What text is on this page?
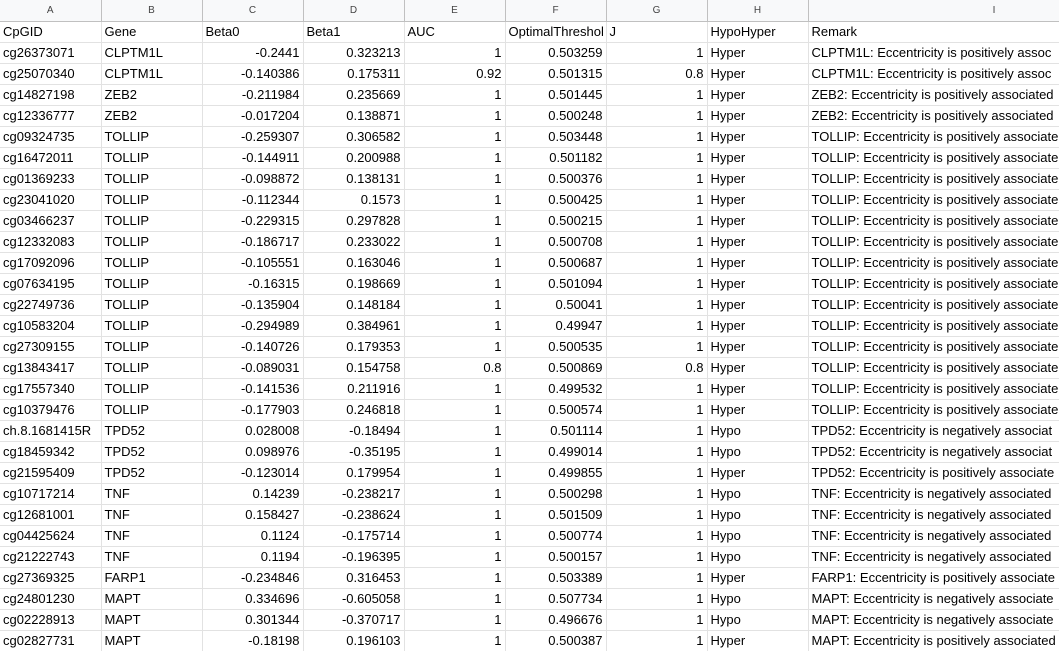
A	B	C	D	E	F	G	H	I
CpGID	Gene	Beta0	Beta1	AUC	OptimalThreshol	J	HypoHyper	Remark
cg26373071	CLPTM1L	-0.2441	0.323213	1	0.503259	1	Hyper	CLPTM1L: Eccentricity is positively assoc
cg25070340	CLPTM1L	-0.140386	0.175311	0.92	0.501315	0.8	Hyper	CLPTM1L: Eccentricity is positively assoc
cg14827198	ZEB2	-0.211984	0.235669	1	0.501445	1	Hyper	ZEB2: Eccentricity is positively associated
cg12336777	ZEB2	-0.017204	0.138871	1	0.500248	1	Hyper	ZEB2: Eccentricity is positively associated
cg09324735	TOLLIP	-0.259307	0.306582	1	0.503448	1	Hyper	TOLLIP: Eccentricity is positively associate
cg16472011	TOLLIP	-0.144911	0.200988	1	0.501182	1	Hyper	TOLLIP: Eccentricity is positively associate
cg01369233	TOLLIP	-0.098872	0.138131	1	0.500376	1	Hyper	TOLLIP: Eccentricity is positively associate
cg23041020	TOLLIP	-0.112344	0.1573	1	0.500425	1	Hyper	TOLLIP: Eccentricity is positively associate
cg03466237	TOLLIP	-0.229315	0.297828	1	0.500215	1	Hyper	TOLLIP: Eccentricity is positively associate
cg12332083	TOLLIP	-0.186717	0.233022	1	0.500708	1	Hyper	TOLLIP: Eccentricity is positively associate
cg17092096	TOLLIP	-0.105551	0.163046	1	0.500687	1	Hyper	TOLLIP: Eccentricity is positively associate
cg07634195	TOLLIP	-0.16315	0.198669	1	0.501094	1	Hyper	TOLLIP: Eccentricity is positively associate
cg22749736	TOLLIP	-0.135904	0.148184	1	0.50041	1	Hyper	TOLLIP: Eccentricity is positively associate
cg10583204	TOLLIP	-0.294989	0.384961	1	0.49947	1	Hyper	TOLLIP: Eccentricity is positively associate
cg27309155	TOLLIP	-0.140726	0.179353	1	0.500535	1	Hyper	TOLLIP: Eccentricity is positively associate
cg13843417	TOLLIP	-0.089031	0.154758	0.8	0.500869	0.8	Hyper	TOLLIP: Eccentricity is positively associate
cg17557340	TOLLIP	-0.141536	0.211916	1	0.499532	1	Hyper	TOLLIP: Eccentricity is positively associate
cg10379476	TOLLIP	-0.177903	0.246818	1	0.500574	1	Hyper	TOLLIP: Eccentricity is positively associate
ch.8.1681415R	TPD52	0.028008	-0.18494	1	0.501114	1	Hypo	TPD52: Eccentricity is negatively associat
cg18459342	TPD52	0.098976	-0.35195	1	0.499014	1	Hypo	TPD52: Eccentricity is negatively associat
cg21595409	TPD52	-0.123014	0.179954	1	0.499855	1	Hyper	TPD52: Eccentricity is positively associate
cg10717214	TNF	0.14239	-0.238217	1	0.500298	1	Hypo	TNF: Eccentricity is negatively associated
cg12681001	TNF	0.158427	-0.238624	1	0.501509	1	Hypo	TNF: Eccentricity is negatively associated
cg04425624	TNF	0.1124	-0.175714	1	0.500774	1	Hypo	TNF: Eccentricity is negatively associated
cg21222743	TNF	0.1194	-0.196395	1	0.500157	1	Hypo	TNF: Eccentricity is negatively associated
cg27369325	FARP1	-0.234846	0.316453	1	0.503389	1	Hyper	FARP1: Eccentricity is positively associate
cg24801230	MAPT	0.334696	-0.605058	1	0.507734	1	Hypo	MAPT: Eccentricity is negatively associate
cg02228913	MAPT	0.301344	-0.370717	1	0.496676	1	Hypo	MAPT: Eccentricity is negatively associate
cg02827731	MAPT	-0.18198	0.196103	1	0.500387	1	Hyper	MAPT: Eccentricity is positively associated
